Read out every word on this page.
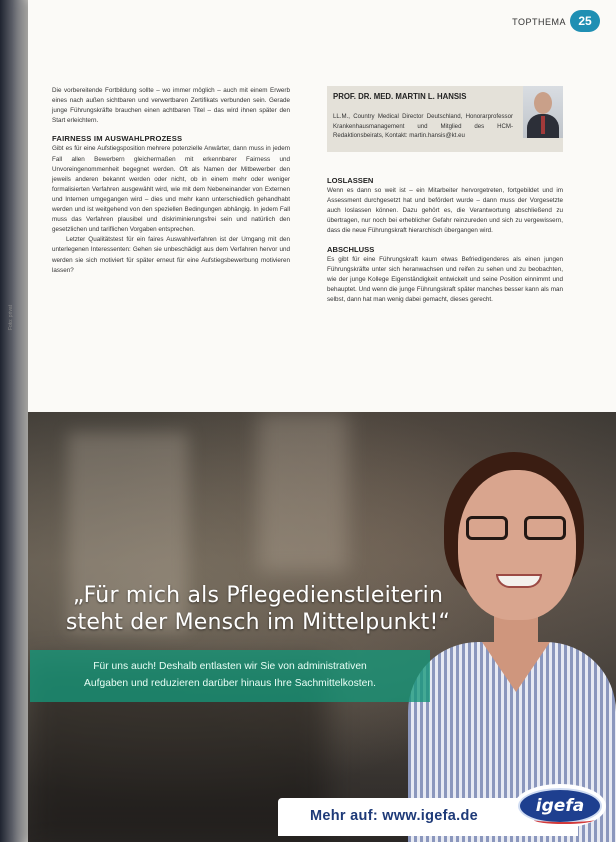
TOPTHEMA	25
Foto: privat

Die vorbereitende Fortbildung sollte – wo immer möglich – auch mit einem Erwerb eines nach außen sichtbaren und verwertbaren Zertifikats verbunden sein. Gerade junge Führungskräfte brauchen einen achtbaren Titel – das wird ihnen später den Start erleichtern.

FAIRNESS IM AUSWAHLPROZESS

Gibt es für eine Aufstiegsposition mehrere potenzielle Anwärter, dann muss in jedem Fall allen Bewerbern gleichermaßen mit erkennbarer Fairness und Unvoreingenommenheit begegnet werden. Oft als Namen der Mitbewerber den jeweils anderen bekannt werden oder nicht, ob in einem mehr oder weniger formalisierten Verfahren ausgewählt wird, wie mit dem Nebeneinander von Externen und Internen umgegangen wird – dies und mehr kann unterschiedlich gehandhabt werden und ist weitgehend von den speziellen Bedingungen abhängig. In jedem Fall muss das Verfahren plausibel und diskriminierungsfrei sein und natürlich den gesetzlichen und tariflichen Vorgaben entsprechen.

Letzter Qualitätstest für ein faires Auswahlverfahren ist der Umgang mit den unterlegenen Interessenten: Gehen sie unbeschädigt aus dem Verfahren hervor und werden sie sich motiviert für später erneut für eine Aufstiegsbewerbung motivieren lassen?

PROF. DR. MED. MARTIN L. HANSIS

LL.M., Country Medical Director Deutschland, Honorarprofessor Krankenhausmanagement und Mitglied des HCM-Redaktionsbeirats, Kontakt: martin.hansis@kt.eu

LOSLASSEN

Wenn es dann so weit ist – ein Mitarbeiter hervorgetreten, fortgebildet und im Assessment durchgesetzt hat und befördert wurde – dann muss der Vorgesetzte auch loslassen können. Dazu gehört es, die Verantwortung abschließend zu übertragen, nur noch bei erheblicher Gefahr reinzureden und sich zu vergewissern, dass die neue Führungskraft hierarchisch übergangen wird.

ABSCHLUSS

Es gibt für eine Führungskraft kaum etwas Befriedigenderes als einen jungen Führungskräfte unter sich heranwachsen und reifen zu sehen und zu beobachten, wie der junge Kollege Eigenständigkeit entwickelt und seine Position einnimmt und behauptet. Und wenn die junge Führungskraft später manches besser kann als man selbst, dann hat man wenig dabei gemacht, dieses gerecht.

„Für mich als Pflegedienstleiterin
steht der Mensch im Mittelpunkt!“
Für uns auch! Deshalb entlasten wir Sie von administrativen
Aufgaben und reduzieren darüber hinaus Ihre Sachmittelkosten.
Mehr auf: www.igefa.de	igefa
